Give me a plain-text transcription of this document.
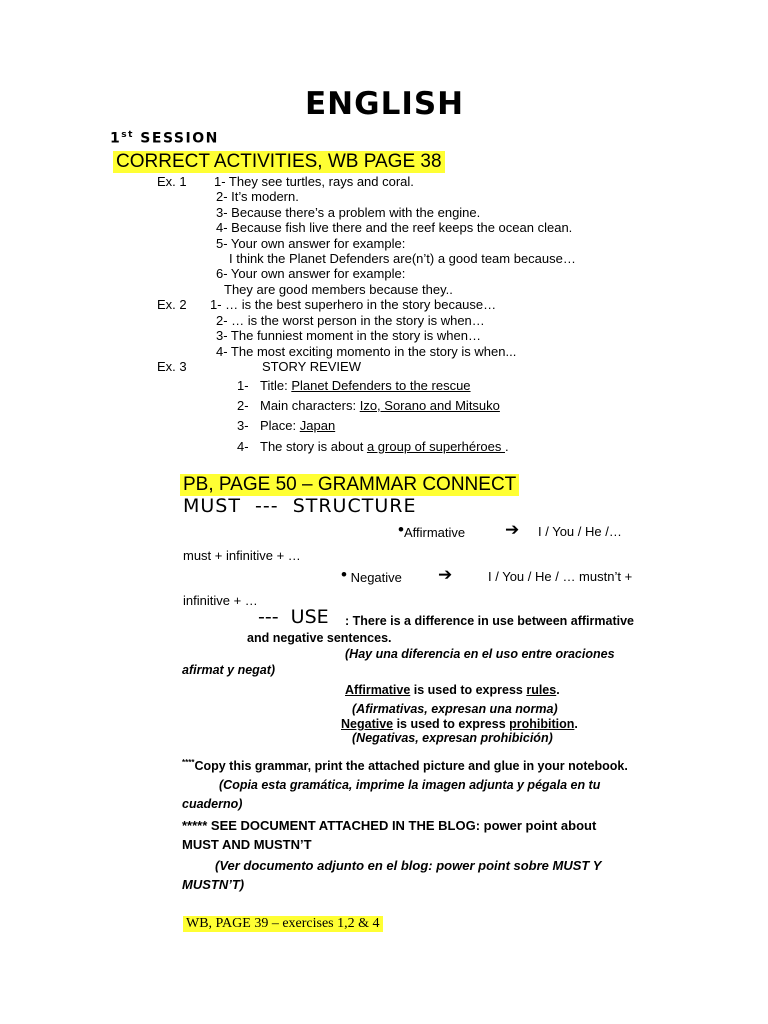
ENGLISH
1st SESSION
CORRECT ACTIVITIES, WB PAGE 38
Ex. 1 1- They see turtles, rays and coral.
2- It’s modern.
3- Because there’s a problem with the engine.
4- Because fish live there and the reef keeps the ocean clean.
5- Your own answer for example:
I think the Planet Defenders are(n’t) a good team because…
6- Your own answer for example:
They are good members because they..
Ex. 2 1- … is the best superhero in the story because…
2- … is the worst person in the story is when…
3- The funniest moment in the story is when…
4- The most exciting momento in the story is when...
Ex. 3	STORY REVIEW
1- Title: Planet Defenders to the rescue
2- Main characters: Izo, Sorano and Mitsuko
3- Place: Japan
4- The story is about a group of superhéroes .
PB, PAGE 50 – GRAMMAR CONNECT
MUST  ---  STRUCTURE
•Affirmative ➔ I / You / He /…
must + infinitive + …
• Negative ➔	I / You / He / … mustn’t +
infinitive + …
--- USE : There is a difference in use between affirmative
and negative sentences.
(Hay una diferencia en el uso entre oraciones
afirmat y negat)
Affirmative is used to express rules.
(Afirmativas, expresan una norma)
Negative is used to express prohibition.
(Negativas, expresan prohibición)
****Copy this grammar, print the attached picture and glue in your notebook.
(Copia esta gramática, imprime la imagen adjunta y pégala en tu
cuaderno)
***** SEE DOCUMENT ATTACHED IN THE BLOG: power point about
MUST AND MUSTN’T
(Ver documento adjunto en el blog: power point sobre MUST Y
MUSTN’T)
WB, PAGE 39 – exercises 1,2 & 4
